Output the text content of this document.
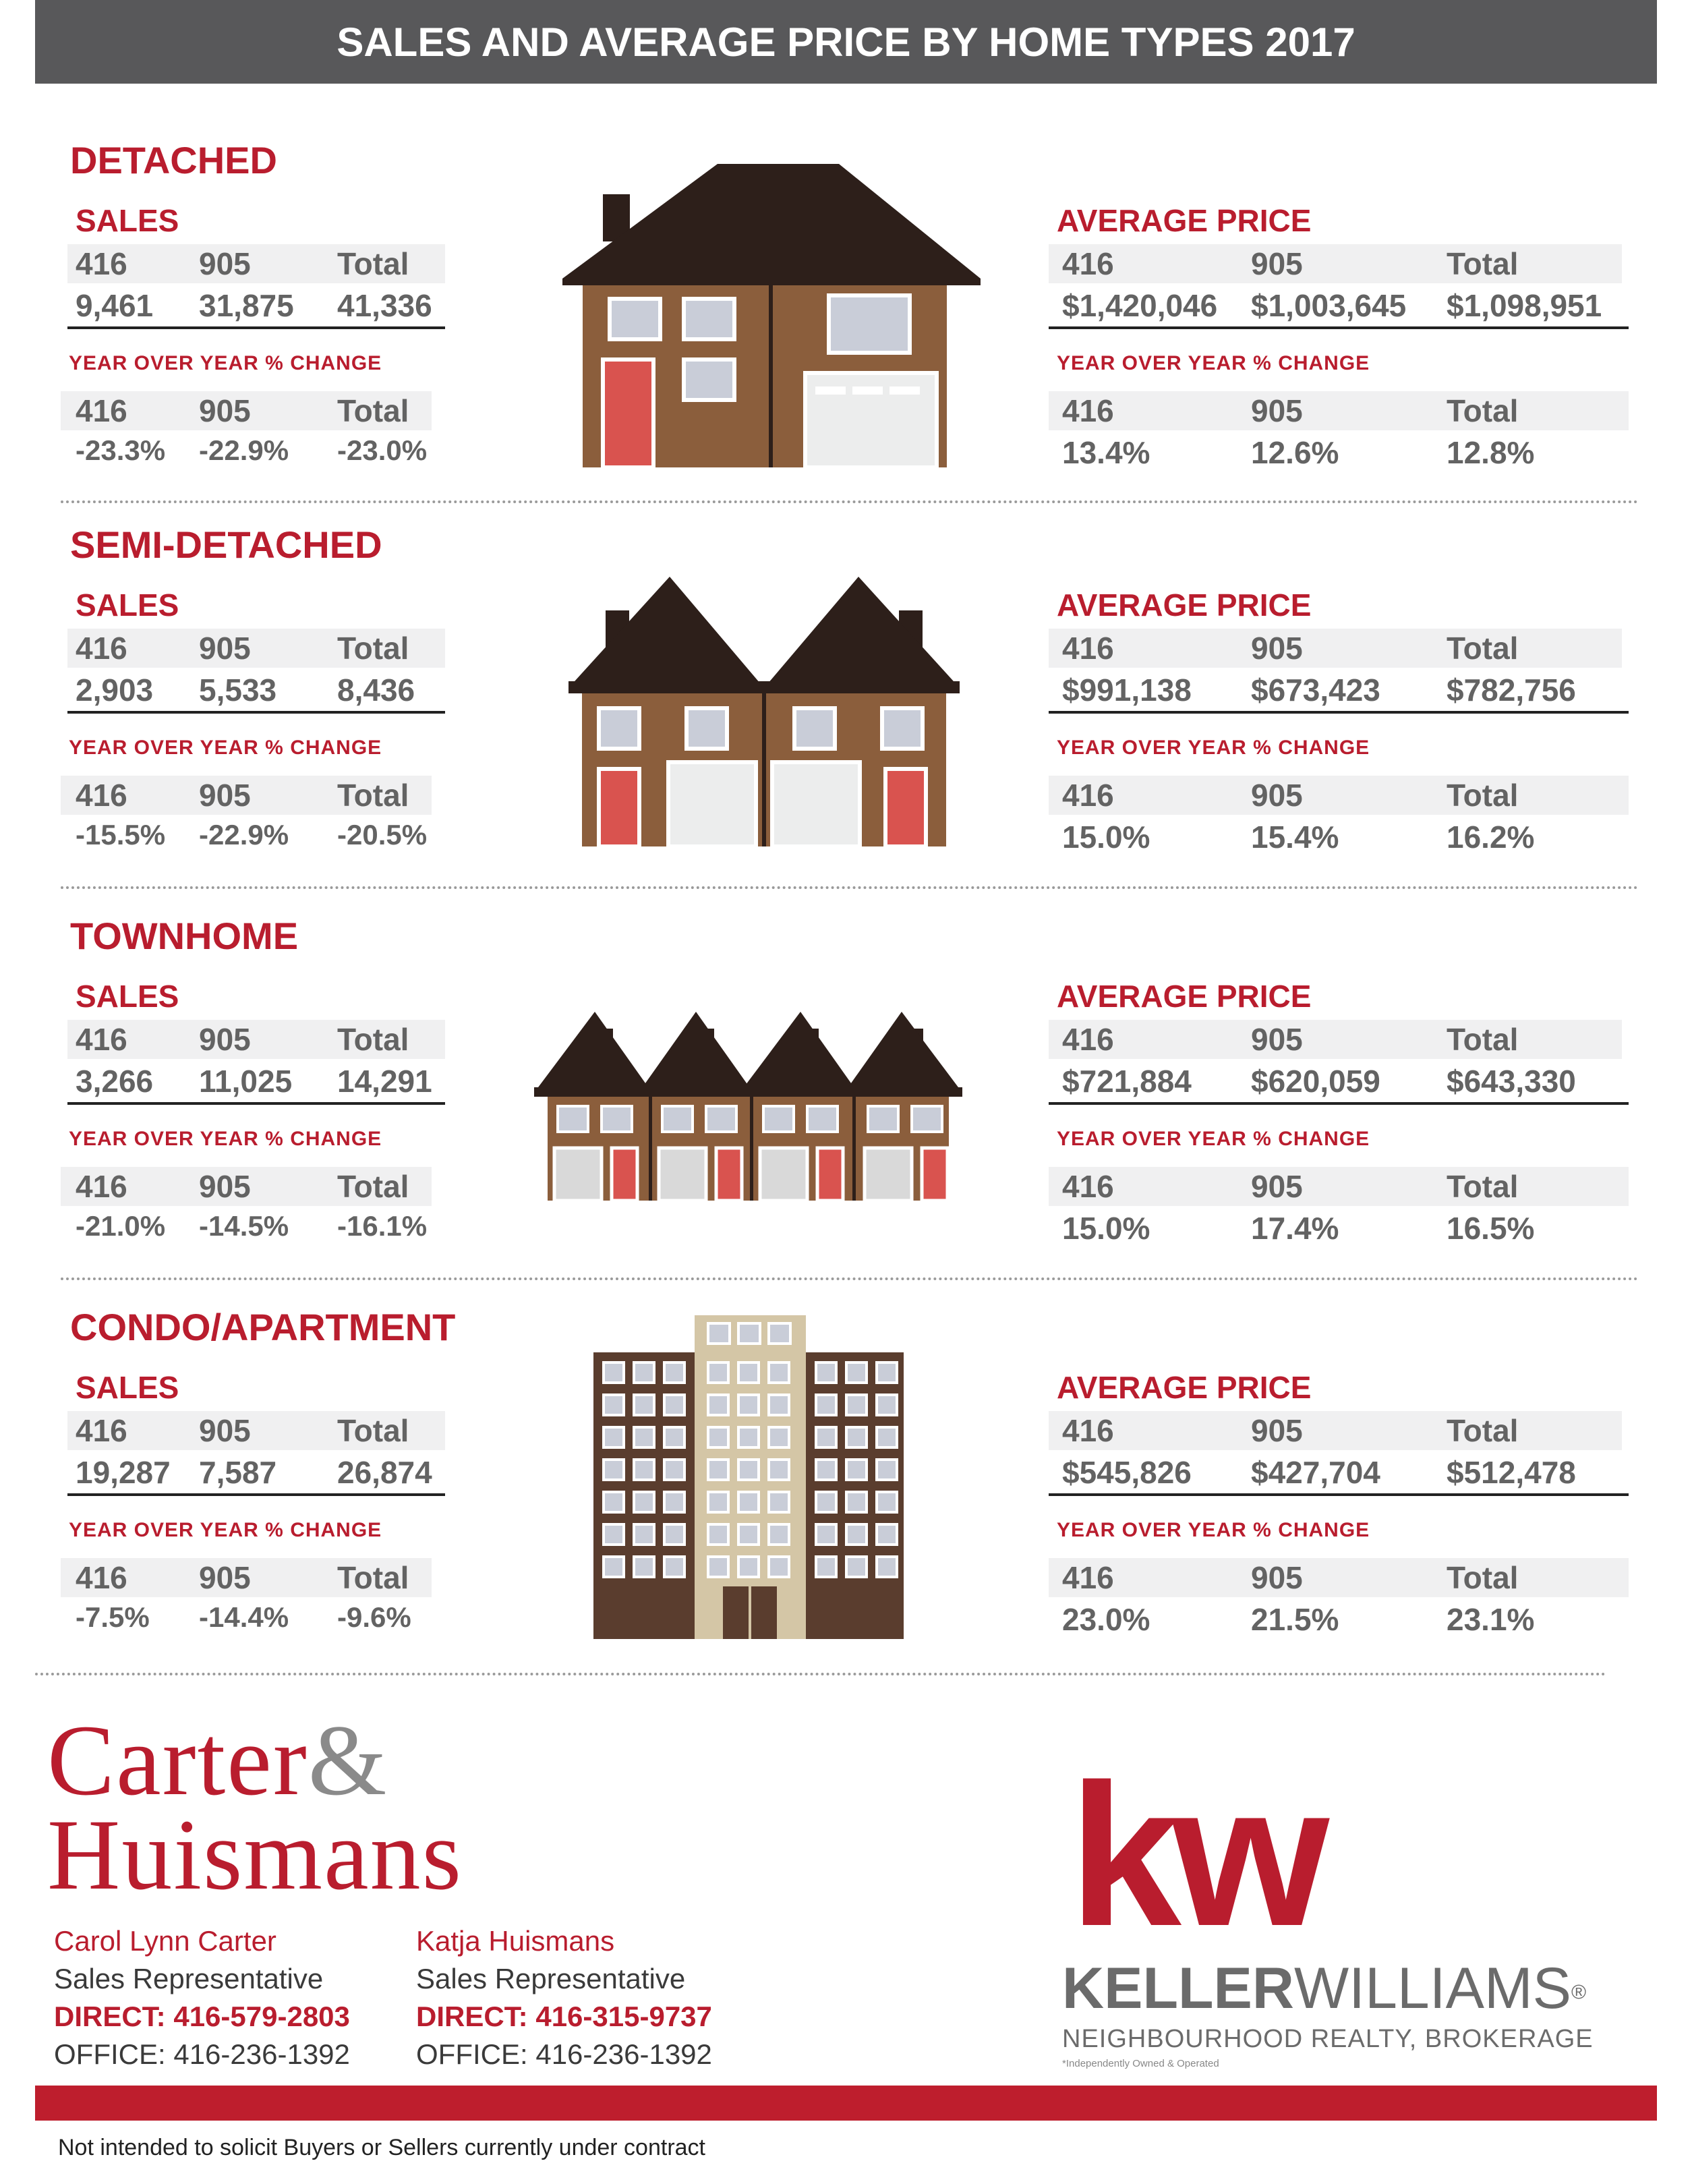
SALES AND AVERAGE PRICE BY HOME TYPES 2017
DETACHED
SALES
416 905	Total
9,461 31,875 41,336
YEAR OVER YEAR % CHANGE
416 905	Total
-23.3% -22.9% -23.0%
AVERAGE PRICE
416	905	Total
$1,420,046 $1,003,645 $1,098,951
YEAR OVER YEAR % CHANGE
416	905	Total
13.4%	12.6%	12.8%
SEMI-DETACHED
SALES
416 905	Total
2,903 5,533 8,436
YEAR OVER YEAR % CHANGE
416 905	Total
-15.5% -22.9% -20.5%
AVERAGE PRICE
416	905	Total
$991,138 $673,423 $782,756
YEAR OVER YEAR % CHANGE
416	905	Total
15.0%	15.4%	16.2%
TOWNHOME
SALES
416 905	Total
3,266 11,025 14,291
YEAR OVER YEAR % CHANGE
416 905	Total
-21.0% -14.5% -16.1%
AVERAGE PRICE
416	905	Total
$721,884 $620,059 $643,330
YEAR OVER YEAR % CHANGE
416	905	Total
15.0%	17.4%	16.5%
CONDO/APARTMENT
SALES
416 905	Total
19,287 7,587 26,874
YEAR OVER YEAR % CHANGE
416 905	Total
-7.5% -14.4% -9.6%
AVERAGE PRICE
416	905	Total
$545,826 $427,704 $512,478
YEAR OVER YEAR % CHANGE
416	905	Total
23.0%	21.5%	23.1%
Carter&
Huismans
Carol Lynn Carter
Sales Representative
DIRECT: 416-579-2803
OFFICE: 416-236-1392
Katja Huismans
Sales Representative
DIRECT: 416-315-9737
OFFICE: 416-236-1392
kw
KELLERWILLIAMS®
NEIGHBOURHOOD REALTY, BROKERAGE
*Independently Owned & Operated
Not intended to solicit Buyers or Sellers currently under contract
